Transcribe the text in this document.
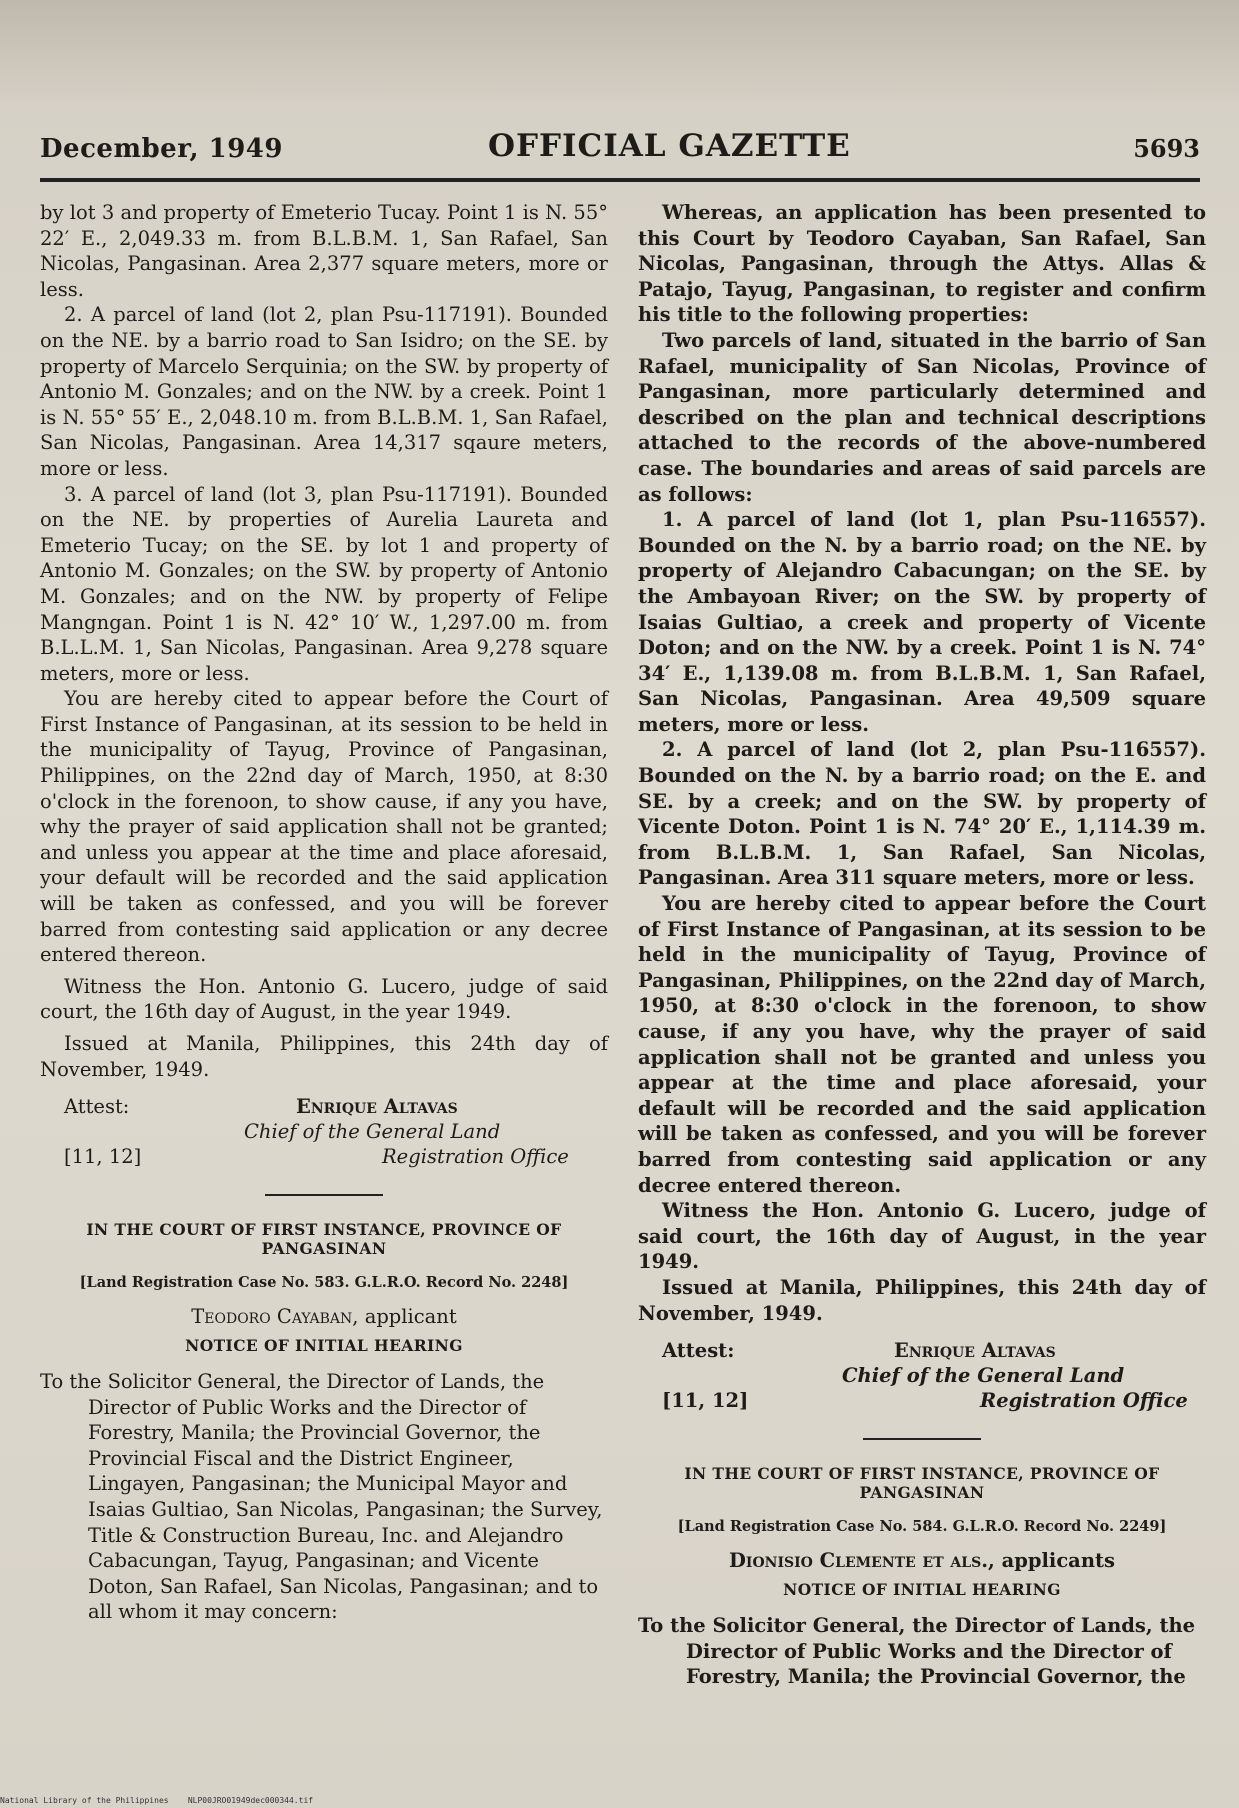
December, 1949	OFFICIAL GAZETTE	5693

by lot 3 and property of Emeterio Tucay. Point 1 is N. 55° 22′ E., 2,049.33 m. from B.L.B.M. 1, San Rafael, San Nicolas, Pangasinan. Area 2,377 square meters, more or less.

2. A parcel of land (lot 2, plan Psu-117191). Bounded on the NE. by a barrio road to San Isidro; on the SE. by property of Marcelo Serquinia; on the SW. by property of Antonio M. Gonzales; and on the NW. by a creek. Point 1 is N. 55° 55′ E., 2,048.10 m. from B.L.B.M. 1, San Rafael, San Nicolas, Pangasinan. Area 14,317 sqaure meters, more or less.

3. A parcel of land (lot 3, plan Psu-117191). Bounded on the NE. by properties of Aurelia Laureta and Emeterio Tucay; on the SE. by lot 1 and property of Antonio M. Gonzales; on the SW. by property of Antonio M. Gonzales; and on the NW. by property of Felipe Mangngan. Point 1 is N. 42° 10′ W., 1,297.00 m. from B.L.L.M. 1, San Nicolas, Pangasinan. Area 9,278 square meters, more or less.

You are hereby cited to appear before the Court of First Instance of Pangasinan, at its session to be held in the municipality of Tayug, Province of Pangasinan, Philippines, on the 22nd day of March, 1950, at 8:30 o'clock in the forenoon, to show cause, if any you have, why the prayer of said application shall not be granted; and unless you appear at the time and place aforesaid, your default will be recorded and the said application will be taken as confessed, and you will be forever barred from contesting said application or any decree entered thereon.

Witness the Hon. Antonio G. Lucero, judge of said court, the 16th day of August, in the year 1949.

Issued at Manila, Philippines, this 24th day of November, 1949.

Attest:	Enrique Altavas
Chief of the General Land
[11, 12]	Registration Office
IN THE COURT OF FIRST INSTANCE, PROVINCE OF PANGASINAN
[Land Registration Case No. 583. G.L.R.O. Record No. 2248]
Teodoro Cayaban, applicant
NOTICE OF INITIAL HEARING

To the Solicitor General, the Director of Lands, the Director of Public Works and the Director of Forestry, Manila; the Provincial Governor, the Provincial Fiscal and the District Engineer, Lingayen, Pangasinan; the Municipal Mayor and Isaias Gultiao, San Nicolas, Pangasinan; the Survey, Title & Construction Bureau, Inc. and Alejandro Cabacungan, Tayug, Pangasinan; and Vicente Doton, San Rafael, San Nicolas, Pangasinan; and to all whom it may concern:

Whereas, an application has been presented to this Court by Teodoro Cayaban, San Rafael, San Nicolas, Pangasinan, through the Attys. Allas & Patajo, Tayug, Pangasinan, to register and confirm his title to the following properties:

Two parcels of land, situated in the barrio of San Rafael, municipality of San Nicolas, Province of Pangasinan, more particularly determined and described on the plan and technical descriptions attached to the records of the above-numbered case. The boundaries and areas of said parcels are as follows:

1. A parcel of land (lot 1, plan Psu-116557). Bounded on the N. by a barrio road; on the NE. by property of Alejandro Cabacungan; on the SE. by the Ambayoan River; on the SW. by property of Isaias Gultiao, a creek and property of Vicente Doton; and on the NW. by a creek. Point 1 is N. 74° 34′ E., 1,139.08 m. from B.L.B.M. 1, San Rafael, San Nicolas, Pangasinan. Area 49,509 square meters, more or less.

2. A parcel of land (lot 2, plan Psu-116557). Bounded on the N. by a barrio road; on the E. and SE. by a creek; and on the SW. by property of Vicente Doton. Point 1 is N. 74° 20′ E., 1,114.39 m. from B.L.B.M. 1, San Rafael, San Nicolas, Pangasinan. Area 311 square meters, more or less.

You are hereby cited to appear before the Court of First Instance of Pangasinan, at its session to be held in the municipality of Tayug, Province of Pangasinan, Philippines, on the 22nd day of March, 1950, at 8:30 o'clock in the forenoon, to show cause, if any you have, why the prayer of said application shall not be granted and unless you appear at the time and place aforesaid, your default will be recorded and the said application will be taken as confessed, and you will be forever barred from contesting said application or any decree entered thereon.

Witness the Hon. Antonio G. Lucero, judge of said court, the 16th day of August, in the year 1949.

Issued at Manila, Philippines, this 24th day of November, 1949.

Attest:	Enrique Altavas
Chief of the General Land
[11, 12]	Registration Office
IN THE COURT OF FIRST INSTANCE, PROVINCE OF PANGASINAN
[Land Registration Case No. 584. G.L.R.O. Record No. 2249]
Dionisio Clemente et als., applicants
NOTICE OF INITIAL HEARING

To the Solicitor General, the Director of Lands, the Director of Public Works and the Director of Forestry, Manila; the Provincial Governor, the

National Library of the Philippines NLP00JRO01949dec000344.tif
